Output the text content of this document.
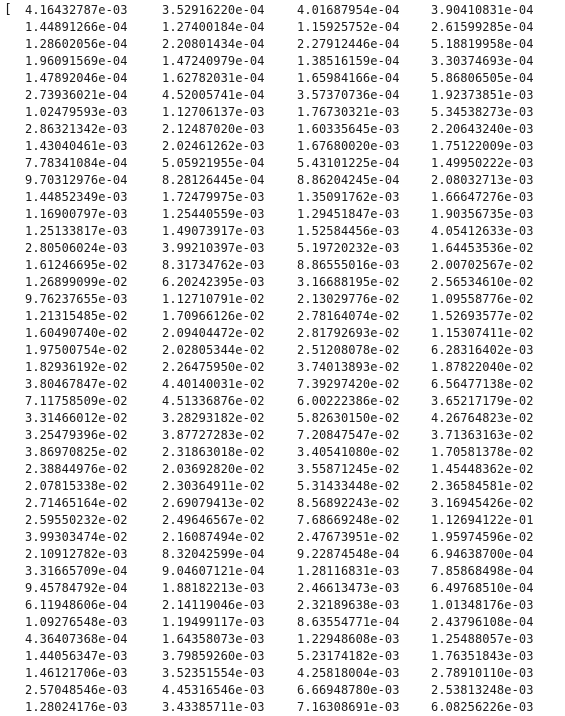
[ 4.16432787e-03	3.52916220e-04	4.01687954e-04	3.90410831e-04
1.44891266e-04	1.27400184e-04	1.15925752e-04	2.61599285e-04
1.28602056e-04	2.20801434e-04	2.27912446e-04	5.18819958e-04
1.96091569e-04	1.47240979e-04	1.38516159e-04	3.30374693e-04
1.47892046e-04	1.62782031e-04	1.65984166e-04	5.86806505e-04
2.73936021e-04	4.52005741e-04	3.57370736e-04	1.92373851e-03
1.02479593e-03	1.12706137e-03	1.76730321e-03	5.34538273e-03
2.86321342e-03	2.12487020e-03	1.60335645e-03	2.20643240e-03
1.43040461e-03	2.02461262e-03	1.67680020e-03	1.75122009e-03
7.78341084e-04	5.05921955e-04	5.43101225e-04	1.49950222e-03
9.70312976e-04	8.28126445e-04	8.86204245e-04	2.08032713e-03
1.44852349e-03	1.72479975e-03	1.35091762e-03	1.66647276e-03
1.16900797e-03	1.25440559e-03	1.29451847e-03	1.90356735e-03
1.25133817e-03	1.49073917e-03	1.52584456e-03	4.05412633e-03
2.80506024e-03	3.99210397e-03	5.19720232e-03	1.64453536e-02
1.61246695e-02	8.31734762e-03	8.86555016e-03	2.00702567e-02
1.26899099e-02	6.20242395e-03	3.16688195e-02	2.56534610e-02
9.76237655e-03	1.12710791e-02	2.13029776e-02	1.09558776e-02
1.21315485e-02	1.70966126e-02	2.78164074e-02	1.52693577e-02
1.60490740e-02	2.09404472e-02	2.81792693e-02	1.15307411e-02
1.97500754e-02	2.02805344e-02	2.51208078e-02	6.28316402e-03
1.82936192e-02	2.26475950e-02	3.74013893e-02	1.87822040e-02
3.80467847e-02	4.40140031e-02	7.39297420e-02	6.56477138e-02
7.11758509e-02	4.51336876e-02	6.00222386e-02	3.65217179e-02
3.31466012e-02	3.28293182e-02	5.82630150e-02	4.26764823e-02
3.25479396e-02	3.87727283e-02	7.20847547e-02	3.71363163e-02
3.86970825e-02	2.31863018e-02	3.40541080e-02	1.70581378e-02
2.38844976e-02	2.03692820e-02	3.55871245e-02	1.45448362e-02
2.07815338e-02	2.30364911e-02	5.31433448e-02	2.36584581e-02
2.71465164e-02	2.69079413e-02	8.56892243e-02	3.16945426e-02
2.59550232e-02	2.49646567e-02	7.68669248e-02	1.12694122e-01
3.99303474e-02	2.16087494e-02	2.47673951e-02	1.95974596e-02
2.10912782e-03	8.32042599e-04	9.22874548e-04	6.94638700e-04
3.31665709e-04	9.04607121e-04	1.28116831e-03	7.85868498e-04
9.45784792e-04	1.88182213e-03	2.46613473e-03	6.49768510e-04
6.11948606e-04	2.14119046e-03	2.32189638e-03	1.01348176e-03
1.09276548e-03	1.19499117e-03	8.63554771e-04	2.43796108e-04
4.36407368e-04	1.64358073e-03	1.22948608e-03	1.25488057e-03
1.44056347e-03	3.79859260e-03	5.23174182e-03	1.76351843e-03
1.46121706e-03	3.52351554e-03	4.25818004e-03	2.78910110e-03
2.57048546e-03	4.45316546e-03	6.66948780e-03	2.53813248e-03
1.28024176e-03	3.43385711e-03	7.16308691e-03	6.08256226e-03
